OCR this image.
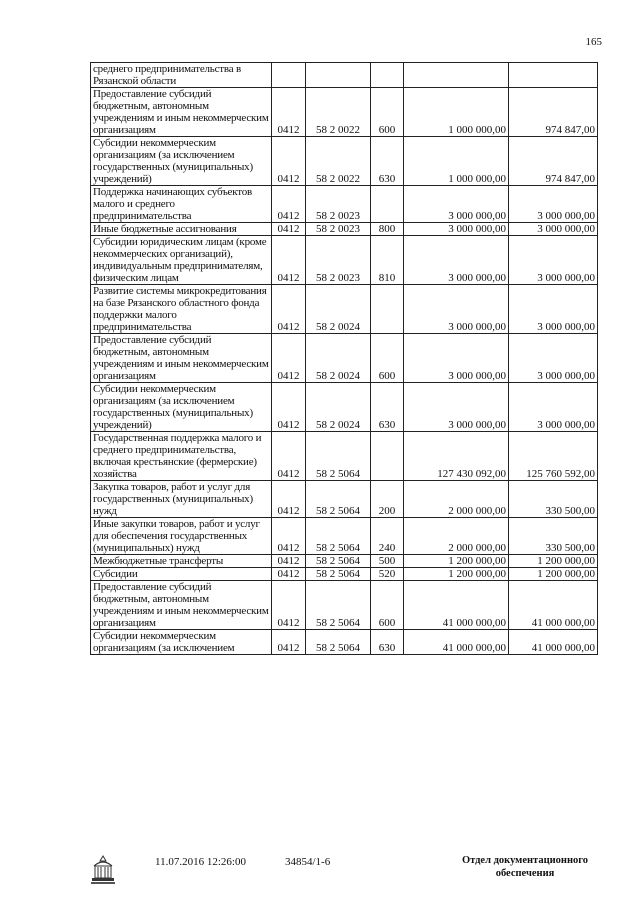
165
среднего предпринимательства в Рязанской области					
Предоставление субсидий бюджетным, автономным учреждениям и иным некоммерческим организациям	0412	58 2 0022	600	1 000 000,00	974 847,00
Субсидии некоммерческим организациям (за исключением государственных (муниципальных) учреждений)	0412	58 2 0022	630	1 000 000,00	974 847,00
Поддержка начинающих субъектов малого и среднего предпринимательства	0412	58 2 0023		3 000 000,00	3 000 000,00
Иные бюджетные ассигнования	0412	58 2 0023	800	3 000 000,00	3 000 000,00
Субсидии юридическим лицам (кроме некоммерческих организаций), индивидуальным предпринимателям, физическим лицам	0412	58 2 0023	810	3 000 000,00	3 000 000,00
Развитие системы микрокредитования на базе Рязанского областного фонда поддержки малого предпринимательства	0412	58 2 0024		3 000 000,00	3 000 000,00
Предоставление субсидий бюджетным, автономным учреждениям и иным некоммерческим организациям	0412	58 2 0024	600	3 000 000,00	3 000 000,00
Субсидии некоммерческим организациям (за исключением государственных (муниципальных) учреждений)	0412	58 2 0024	630	3 000 000,00	3 000 000,00
Государственная поддержка малого и среднего предпринимательства, включая крестьянские (фермерские) хозяйства	0412	58 2 5064		127 430 092,00	125 760 592,00
Закупка товаров, работ и услуг для государственных (муниципальных) нужд	0412	58 2 5064	200	2 000 000,00	330 500,00
Иные закупки товаров, работ и услуг для обеспечения государственных (муниципальных) нужд	0412	58 2 5064	240	2 000 000,00	330 500,00
Межбюджетные трансферты	0412	58 2 5064	500	1 200 000,00	1 200 000,00
Субсидии	0412	58 2 5064	520	1 200 000,00	1 200 000,00
Предоставление субсидий бюджетным, автономным учреждениям и иным некоммерческим организациям	0412	58 2 5064	600	41 000 000,00	41 000 000,00
Субсидии некоммерческим организациям (за исключением	0412	58 2 5064	630	41 000 000,00	41 000 000,00
11.07.2016 12:26:00	34854/1-6	Отдел документационного обеспечения
